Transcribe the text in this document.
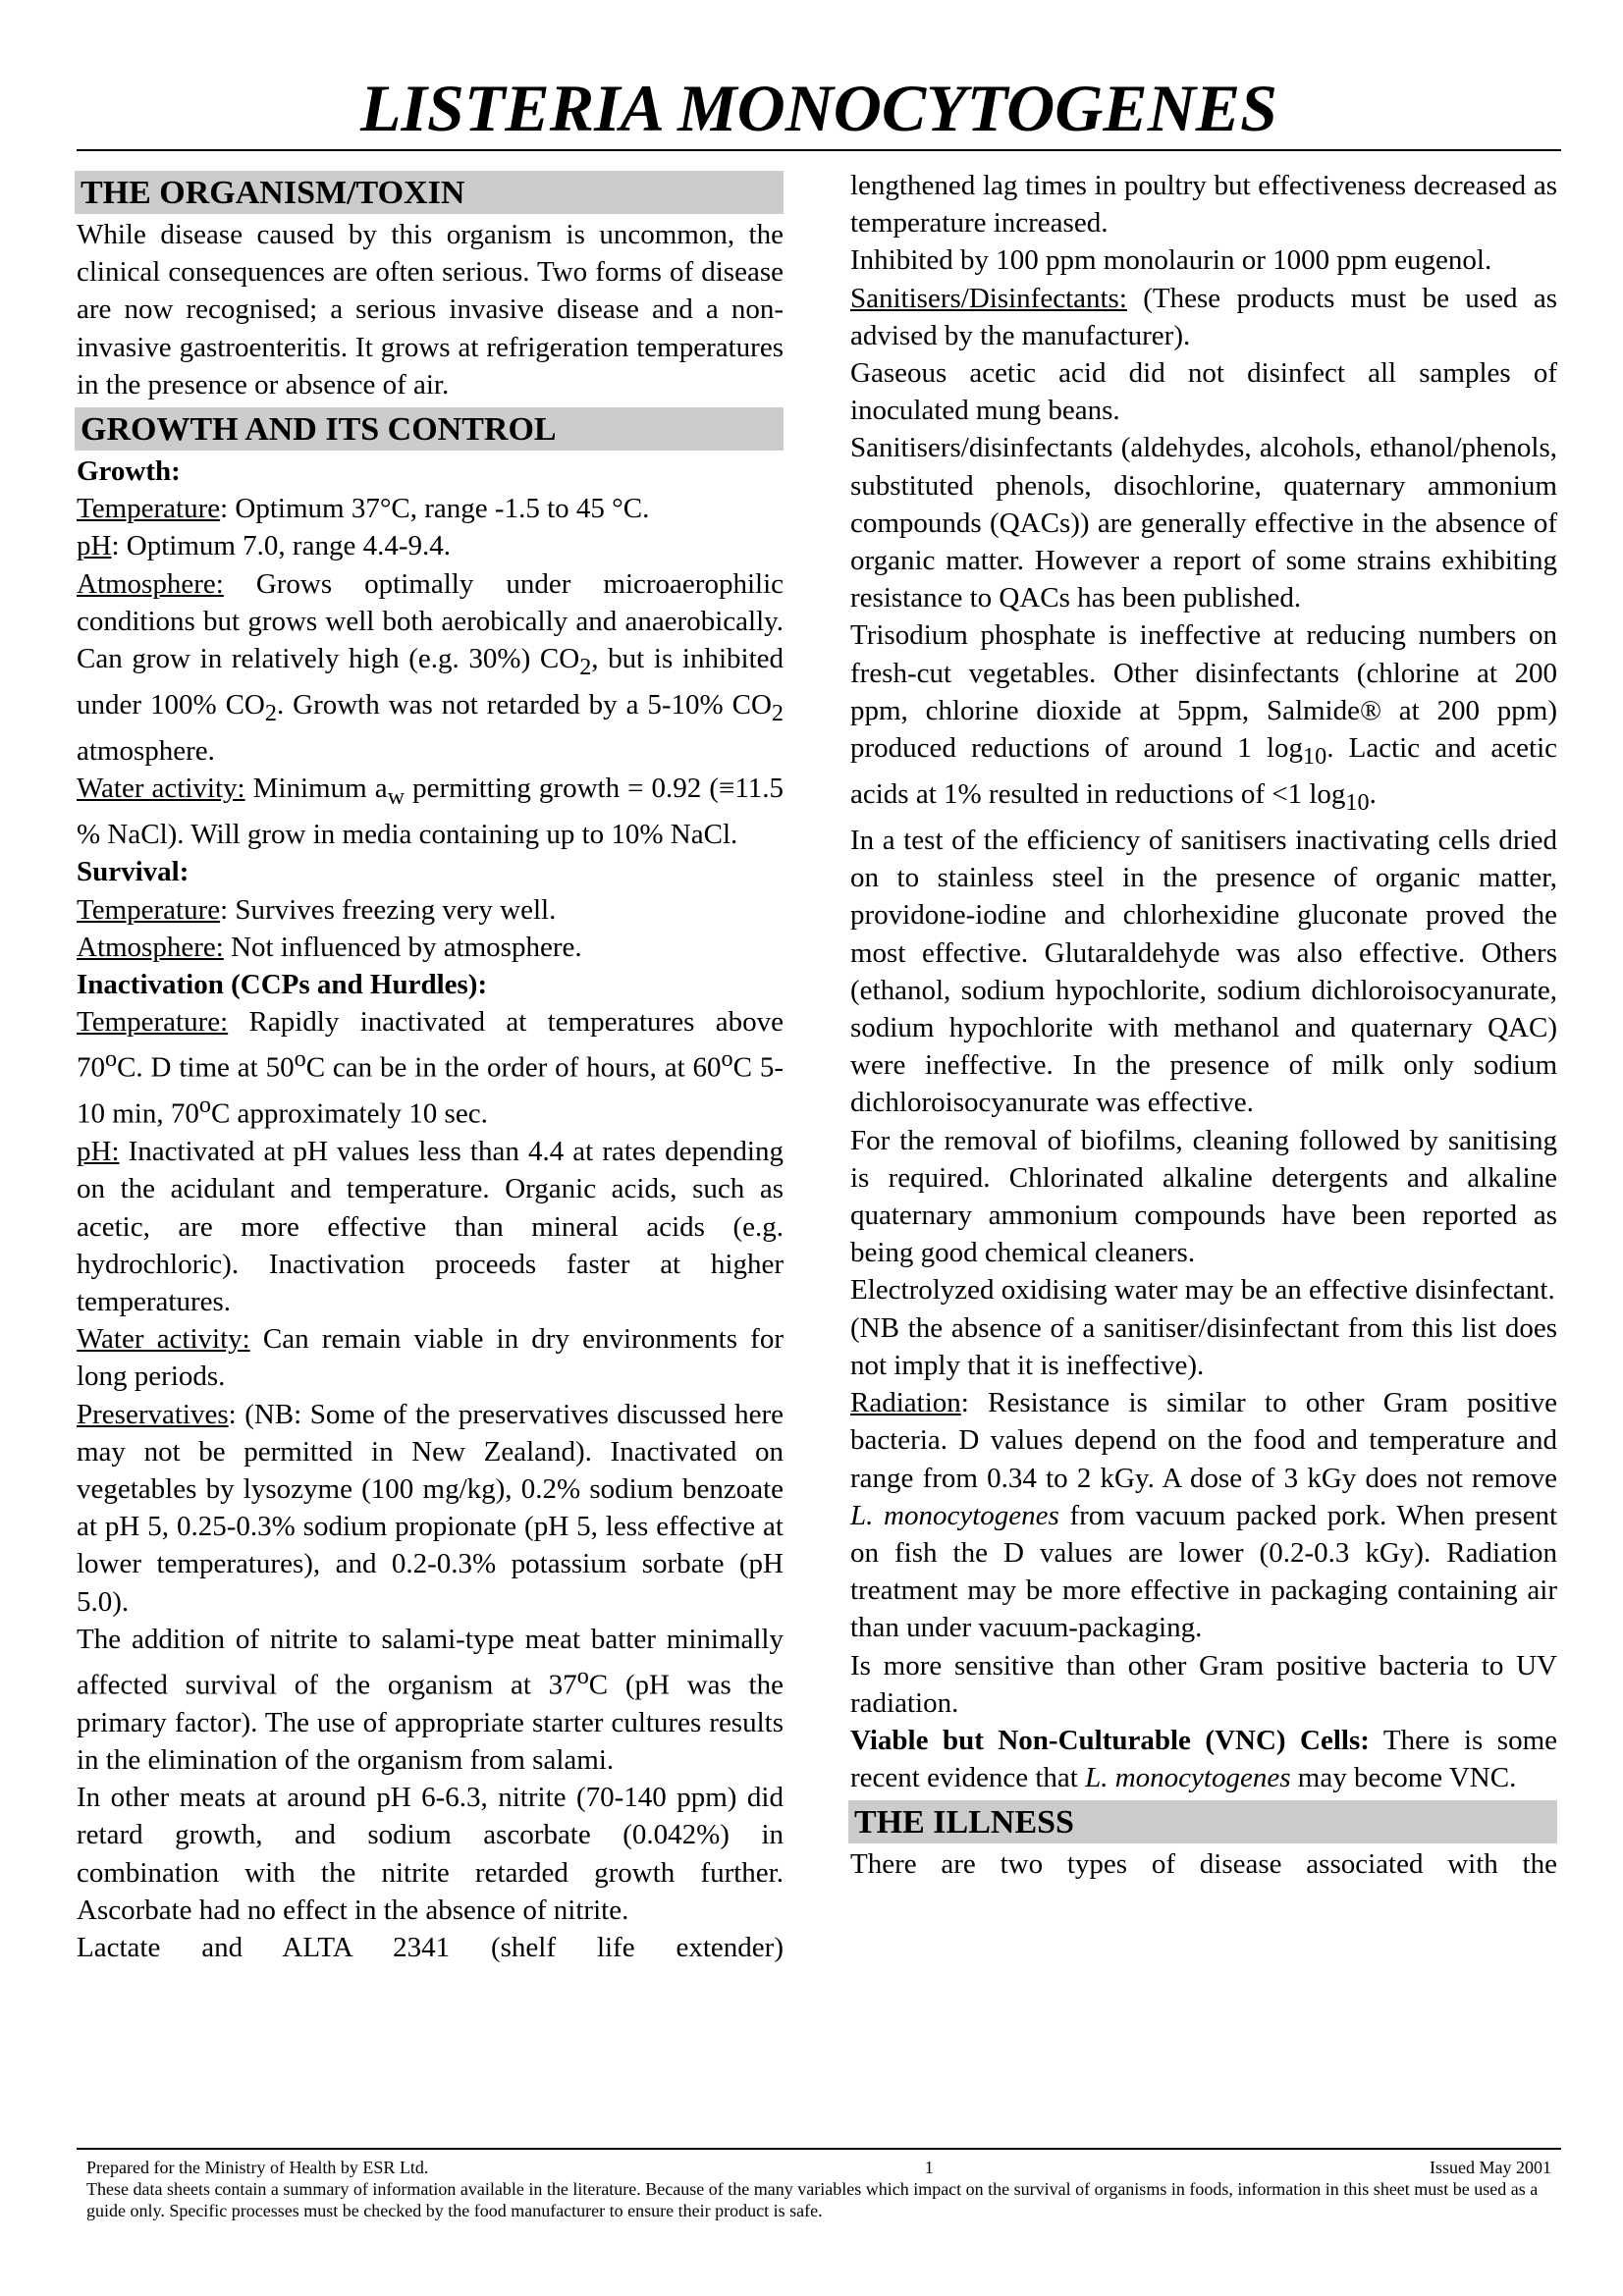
LISTERIA MONOCYTOGENES
THE ORGANISM/TOXIN

While disease caused by this organism is uncommon, the clinical consequences are often serious. Two forms of disease are now recognised; a serious invasive disease and a non-invasive gastroenteritis. It grows at refrigeration temperatures in the presence or absence of air.

GROWTH AND ITS CONTROL

Growth:

Temperature: Optimum 37°C, range -1.5 to 45 °C.

pH: Optimum 7.0, range 4.4-9.4.

Atmosphere: Grows optimally under microaerophilic conditions but grows well both aerobically and anaerobically. Can grow in relatively high (e.g. 30%) $CO_2$, but is inhibited under 100% $CO_2$. Growth was not retarded by a 5-10% $CO_2$ atmosphere.

Water activity: Minimum $a_w$ permitting growth = 0.92 (≡11.5 % NaCl). Will grow in media containing up to 10% NaCl.

Survival:

Temperature: Survives freezing very well.

Atmosphere: Not influenced by atmosphere.

Inactivation (CCPs and Hurdles):

Temperature: Rapidly inactivated at temperatures above 70$^o$C. D time at 50$^o$C can be in the order of hours, at 60$^o$C 5-10 min, 70$^o$C approximately 10 sec.

pH: Inactivated at pH values less than 4.4 at rates depending on the acidulant and temperature. Organic acids, such as acetic, are more effective than mineral acids (e.g. hydrochloric). Inactivation proceeds faster at higher temperatures.

Water activity: Can remain viable in dry environments for long periods.

Preservatives: (NB: Some of the preservatives discussed here may not be permitted in New Zealand). Inactivated on vegetables by lysozyme (100 mg/kg), 0.2% sodium benzoate at pH 5, 0.25-0.3% sodium propionate (pH 5, less effective at lower temperatures), and 0.2-0.3% potassium sorbate (pH 5.0).

The addition of nitrite to salami-type meat batter minimally affected survival of the organism at 37$^o$C (pH was the primary factor). The use of appropriate starter cultures results in the elimination of the organism from salami.

In other meats at around pH 6-6.3, nitrite (70-140 ppm) did retard growth, and sodium ascorbate (0.042%) in combination with the nitrite retarded growth further. Ascorbate had no effect in the absence of nitrite.

Lactate and ALTA 2341 (shelf life extender)

lengthened lag times in poultry but effectiveness decreased as temperature increased.

Inhibited by 100 ppm monolaurin or 1000 ppm eugenol.

Sanitisers/Disinfectants: (These products must be used as advised by the manufacturer).

Gaseous acetic acid did not disinfect all samples of inoculated mung beans.

Sanitisers/disinfectants (aldehydes, alcohols, ethanol/phenols, substituted phenols, disochlorine, quaternary ammonium compounds (QACs)) are generally effective in the absence of organic matter. However a report of some strains exhibiting resistance to QACs has been published.

Trisodium phosphate is ineffective at reducing numbers on fresh-cut vegetables. Other disinfectants (chlorine at 200 ppm, chlorine dioxide at 5ppm, Salmide® at 200 ppm) produced reductions of around 1 $\log_{10}$. Lactic and acetic acids at 1% resulted in reductions of <1 $\log_{10}$.

In a test of the efficiency of sanitisers inactivating cells dried on to stainless steel in the presence of organic matter, providone-iodine and chlorhexidine gluconate proved the most effective. Glutaraldehyde was also effective. Others (ethanol, sodium hypochlorite, sodium dichloroisocyanurate, sodium hypochlorite with methanol and quaternary QAC) were ineffective. In the presence of milk only sodium dichloroisocyanurate was effective.

For the removal of biofilms, cleaning followed by sanitising is required. Chlorinated alkaline detergents and alkaline quaternary ammonium compounds have been reported as being good chemical cleaners.

Electrolyzed oxidising water may be an effective disinfectant.

(NB the absence of a sanitiser/disinfectant from this list does not imply that it is ineffective).

Radiation: Resistance is similar to other Gram positive bacteria. D values depend on the food and temperature and range from 0.34 to 2 kGy. A dose of 3 kGy does not remove L. monocytogenes from vacuum packed pork. When present on fish the D values are lower (0.2-0.3 kGy). Radiation treatment may be more effective in packaging containing air than under vacuum-packaging.

Is more sensitive than other Gram positive bacteria to UV radiation.

Viable but Non-Culturable (VNC) Cells: There is some recent evidence that L. monocytogenes may become VNC.

THE ILLNESS

There are two types of disease associated with the

Prepared for the Ministry of Health by ESR Ltd.	1	Issued May 2001
These data sheets contain a summary of information available in the literature. Because of the many variables which impact on the survival of organisms in foods, information in this sheet must be used as a guide only. Specific processes must be checked by the food manufacturer to ensure their product is safe.
